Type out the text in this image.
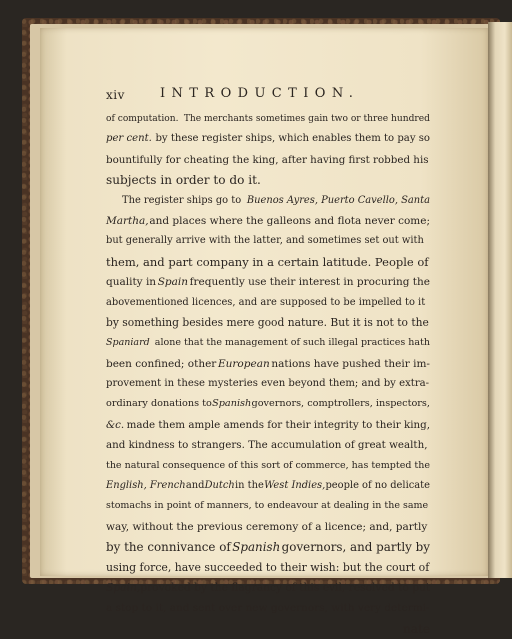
xiv	INTRODUCTION.
of computation. The merchants sometimes gain two or three hundred
per cent. by these register ships, which enables them to pay so
bountifully for cheating the king, after having first robbed his
subjects in order to do it.
The register ships go to Buenos Ayres, Puerto Cavello, Santa
Martha, and places where the galleons and flota never come;
but generally arrive with the latter, and sometimes set out with
them, and part company in a certain latitude. People of
quality in Spain frequently use their interest in procuring the
abovementioned licences, and are supposed to be impelled to it
by something besides mere good nature. But it is not to the
Spaniard alone that the management of such illegal practices hath
been confined; other European nations have pushed their im-
provement in these mysteries even beyond them; and by extra-
ordinary donations to Spanish governors, comptrollers, inspectors,
&c. made them ample amends for their integrity to their king,
and kindness to strangers. The accumulation of great wealth,
the natural consequence of this sort of commerce, has tempted the
English, French and Dutch in the West Indies, people of no delicate
stomachs in point of manners, to endeavour at dealing in the same
way, without the previous ceremony of a licence; and, partly
by the connivance of Spanish governors, and partly by
using force, have succeeded to their wish: but the court of
Spain, provoked by the flagrancy of this evil, resolved to put
a stop to it, and sent over new governors, with very determi-
nate
